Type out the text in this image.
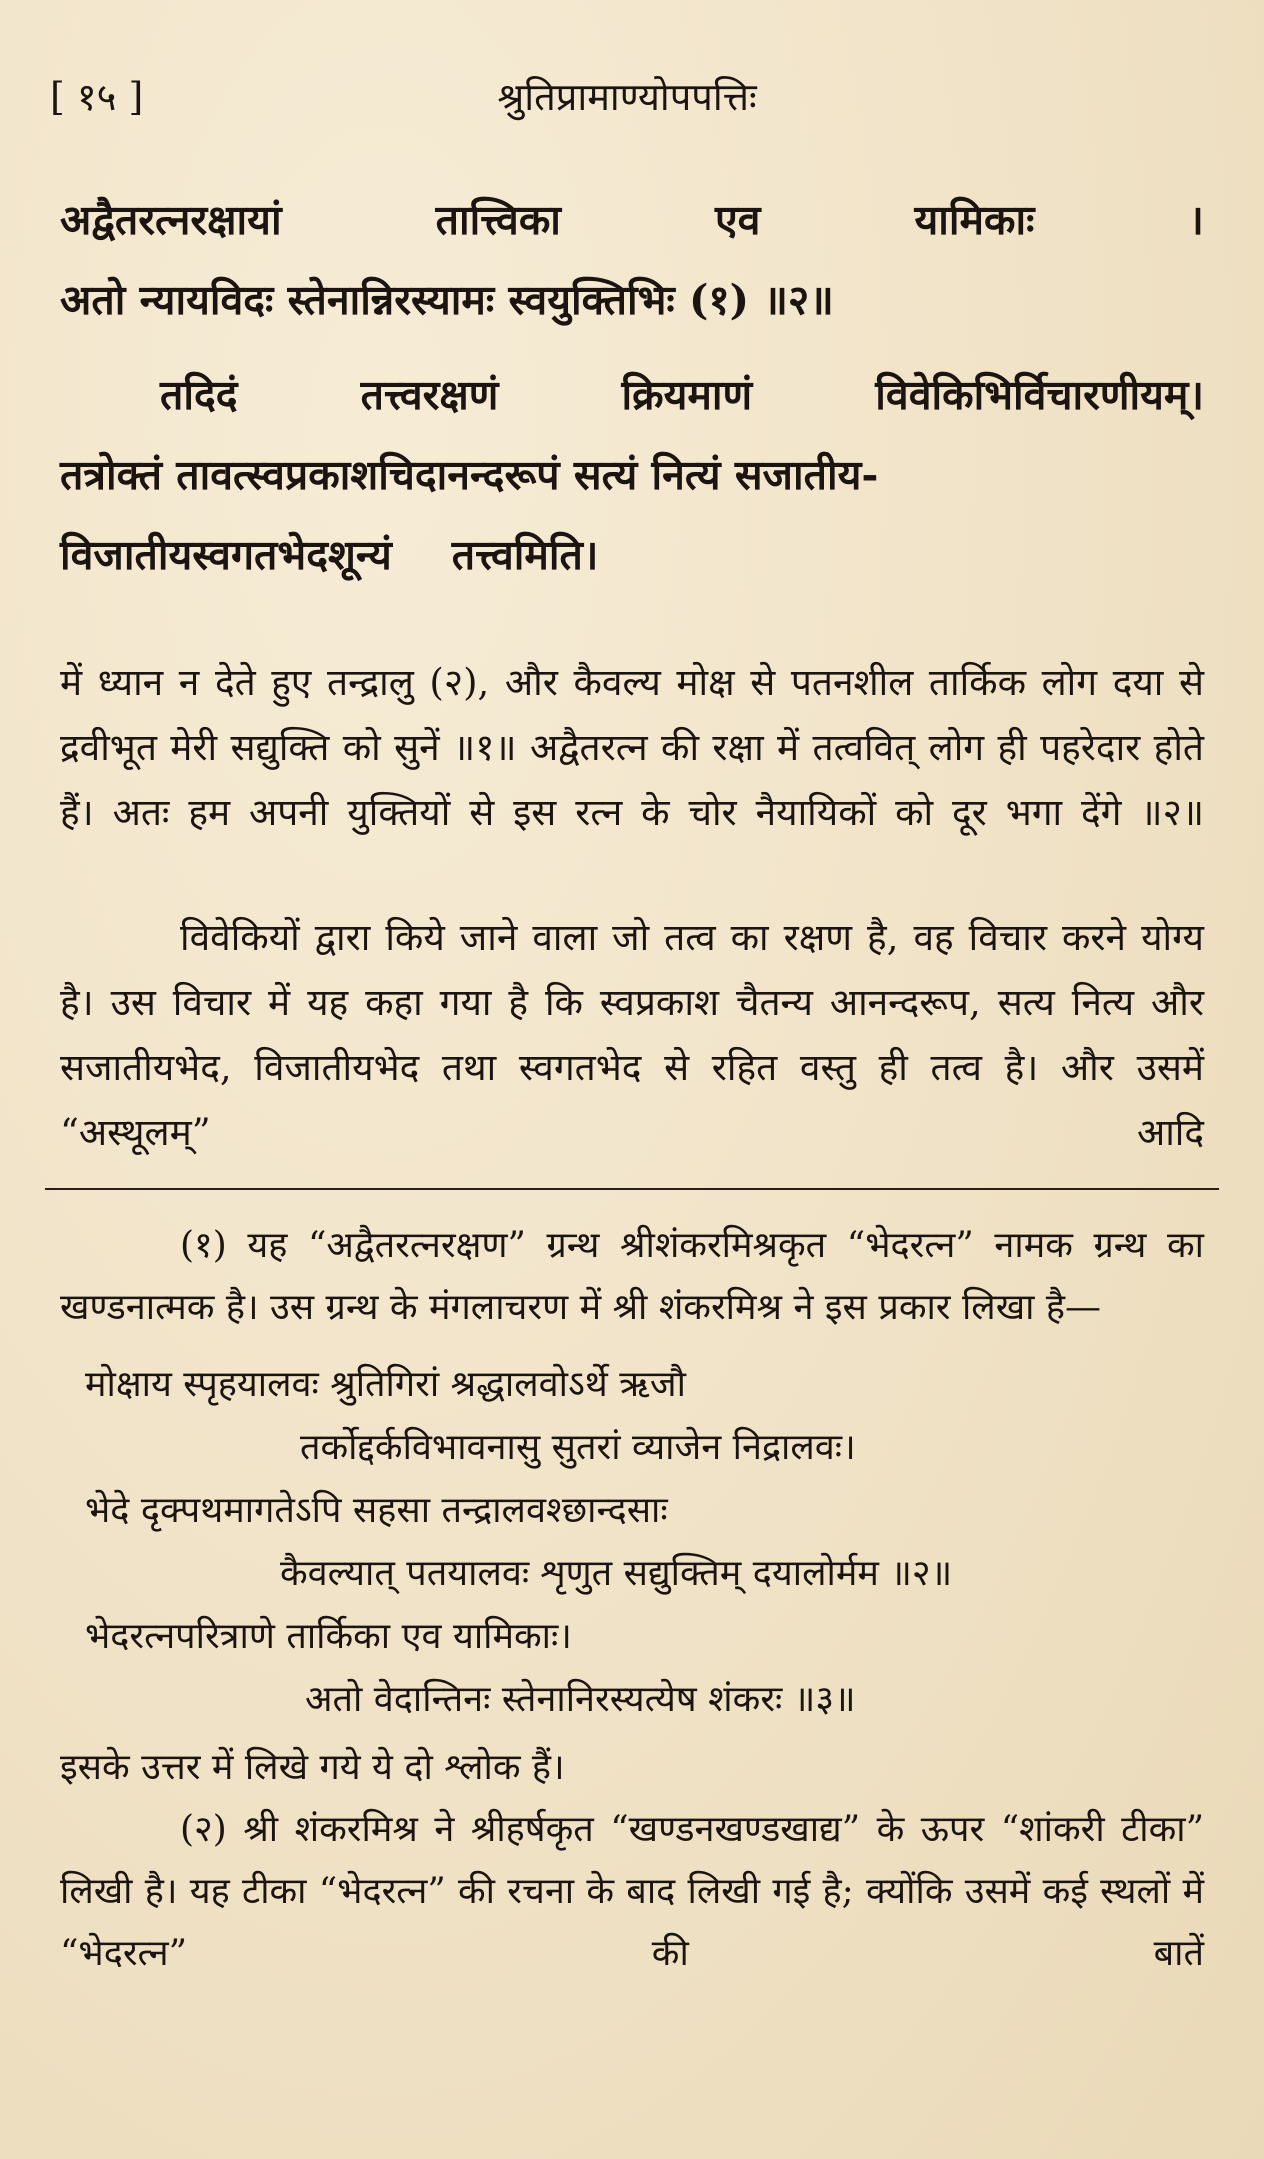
[ १५ ]	श्रुतिप्रामाण्योपपत्तिः
अद्वैतरत्नरक्षायां	तात्त्विका	एव	यामिकाः	।
अतो न्यायविदः स्तेनान्निरस्यामः स्वयुक्तिभिः (१) ॥२॥
तदिदं	तत्त्वरक्षणं	क्रियमाणं	विवेकिभिर्विचारणीयम्।
तत्रोक्तं तावत्स्वप्रकाशचिदानन्दरूपं सत्यं नित्यं सजातीय-
विजातीयस्वगतभेदशून्यं तत्त्वमिति।

में ध्यान न देते हुए तन्द्रालु (२), और कैवल्य मोक्ष से पतनशील तार्किक लोग दया से द्रवीभूत मेरी सद्युक्ति को सुनें ॥१॥ अद्वैतरत्न की रक्षा में तत्ववित् लोग ही पहरेदार होते हैं। अतः हम अपनी युक्तियों से इस रत्न के चोर नैयायिकों को दूर भगा देंगे ॥२॥

विवेकियों द्वारा किये जाने वाला जो तत्व का रक्षण है, वह विचार करने योग्य है। उस विचार में यह कहा गया है कि स्वप्रकाश चैतन्य आनन्दरूप, सत्य नित्य और सजातीयभेद, विजातीयभेद तथा स्वगतभेद से रहित वस्तु ही तत्व है। और उसमें “अस्थूलम्” आदि

(१) यह “अद्वैतरत्नरक्षण” ग्रन्थ श्रीशंकरमिश्रकृत “भेदरत्न” नामक ग्रन्थ का खण्डनात्मक है। उस ग्रन्थ के मंगलाचरण में श्री शंकरमिश्र ने इस प्रकार लिखा है—

मोक्षाय स्पृहयालवः श्रुतिगिरां श्रद्धालवोऽर्थे ऋजौ
तर्कोद्दर्कविभावनासु सुतरां व्याजेन निद्रालवः।
भेदे दृक्पथमागतेऽपि सहसा तन्द्रालवश्छान्दसाः
कैवल्यात् पतयालवः शृणुत सद्युक्तिम् दयालोर्मम ॥२॥
भेदरत्नपरित्राणे तार्किका एव यामिकाः।
अतो वेदान्तिनः स्तेनानिरस्यत्येष शंकरः ॥३॥

इसके उत्तर में लिखे गये ये दो श्लोक हैं।

(२) श्री शंकरमिश्र ने श्रीहर्षकृत “खण्डनखण्डखाद्य” के ऊपर “शांकरी टीका” लिखी है। यह टीका “भेदरत्न” की रचना के बाद लिखी गई है; क्योंकि उसमें कई स्थलों में “भेदरत्न” की बातें
